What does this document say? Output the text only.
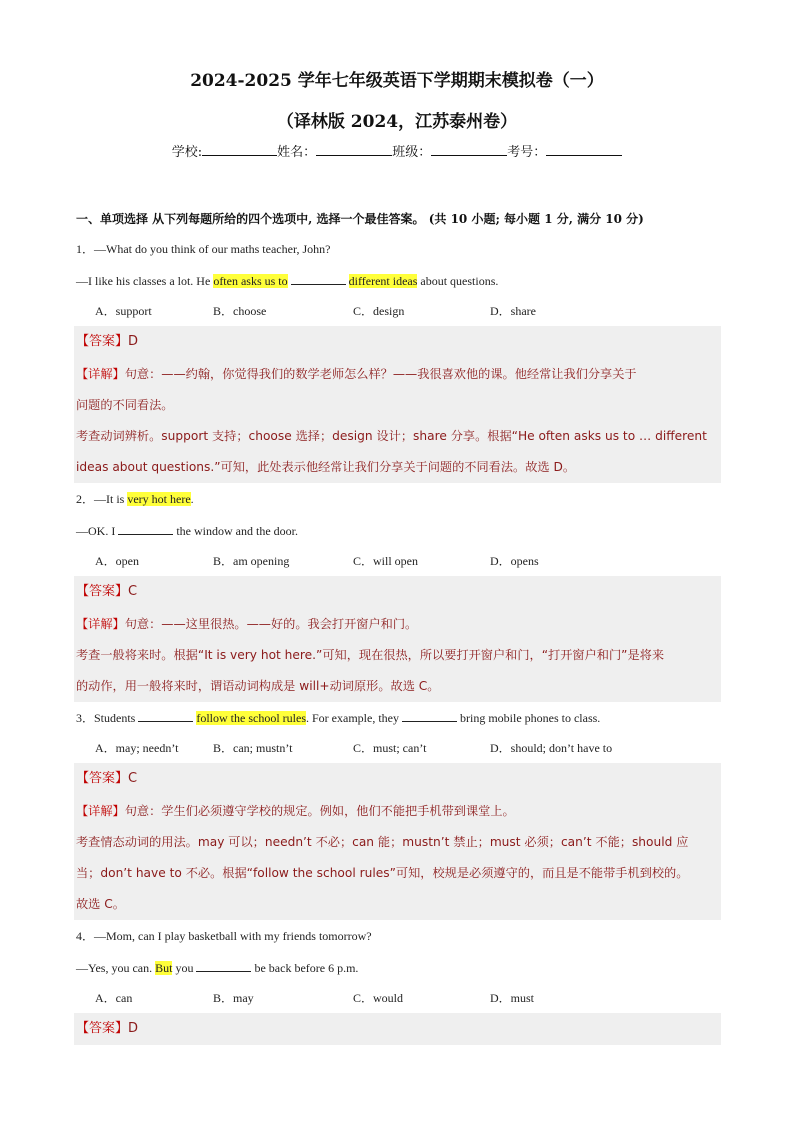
2024-2025 学年七年级英语下学期期末模拟卷（一）
（译林版 2024，江苏泰州卷）
学校:	姓名：	班级：	考号：
一、单项选择 从下列每题所给的四个选项中, 选择一个最佳答案。 (共 10 小题; 每小题 1 分, 满分 10 分)
1．—What do you think of our maths teacher, John?
—I like his classes a lot. He often asks us to	different ideas about questions.
A．support	B．choose	C．design	D．share
【答案】D
【详解】句意：——约翰，你觉得我们的数学老师怎么样？——我很喜欢他的课。他经常让我们分享关于
问题的不同看法。
考查动词辨析。support 支持；choose 选择；design 设计；share 分享。根据“He often asks us to … different
ideas about questions.”可知，此处表示他经常让我们分享关于问题的不同看法。故选 D。
2．—It is very hot here.
—OK. I	the window and the door.
A．open	B．am opening	C．will open	D．opens
【答案】C
【详解】句意：——这里很热。——好的。我会打开窗户和门。
考查一般将来时。根据“It is very hot here.”可知，现在很热，所以要打开窗户和门，“打开窗户和门”是将来
的动作，用一般将来时，谓语动词构成是 will+动词原形。故选 C。
3．Students	follow the school rules. For example, they	bring mobile phones to class.
A．may; needn’t	B．can; mustn’t	C．must; can’t	D．should; don’t have to
【答案】C
【详解】句意：学生们必须遵守学校的规定。例如，他们不能把手机带到课堂上。
考查情态动词的用法。may 可以；needn’t 不必；can 能；mustn’t 禁止；must 必须；can’t 不能；should 应
当；don’t have to 不必。根据“follow the school rules”可知，校规是必须遵守的，而且是不能带手机到校的。
故选 C。
4．—Mom, can I play basketball with my friends tomorrow?
—Yes, you can. But you	be back before 6 p.m.
A．can	B．may	C．would	D．must
【答案】D
